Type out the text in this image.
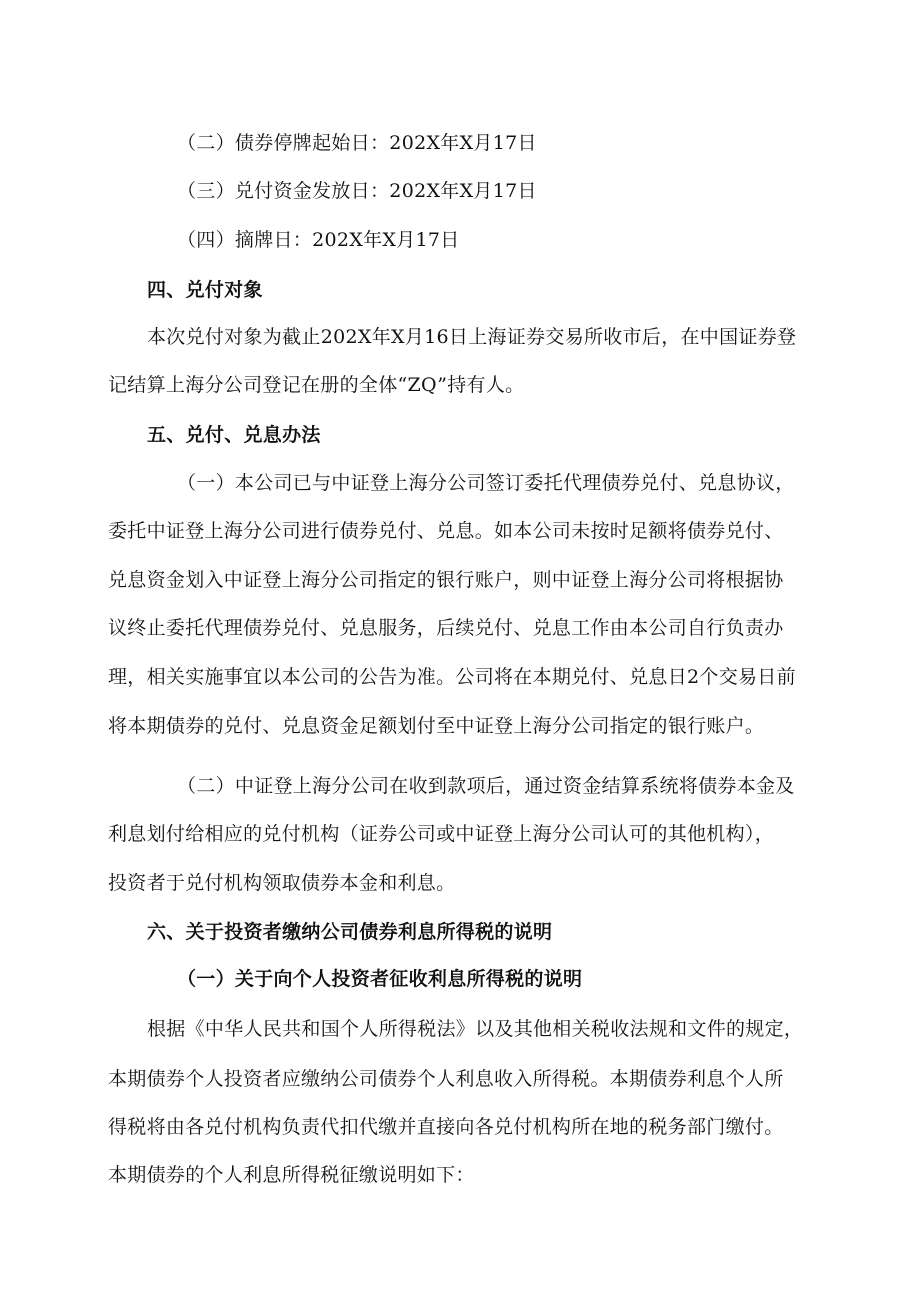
（二）债券停牌起始日：202X年X月17日
（三）兑付资金发放日：202X年X月17日
（四）摘牌日：202X年X月17日
四、兑付对象
本次兑付对象为截止202X年X月16日上海证券交易所收市后，在中国证券登
记结算上海分公司登记在册的全体“ZQ”持有人。
五、兑付、兑息办法
（一）本公司已与中证登上海分公司签订委托代理债券兑付、兑息协议，
委托中证登上海分公司进行债券兑付、兑息。如本公司未按时足额将债券兑付、
兑息资金划入中证登上海分公司指定的银行账户，则中证登上海分公司将根据协
议终止委托代理债券兑付、兑息服务，后续兑付、兑息工作由本公司自行负责办
理，相关实施事宜以本公司的公告为准。公司将在本期兑付、兑息日2个交易日前
将本期债券的兑付、兑息资金足额划付至中证登上海分公司指定的银行账户。
（二）中证登上海分公司在收到款项后，通过资金结算系统将债券本金及
利息划付给相应的兑付机构（证券公司或中证登上海分公司认可的其他机构），
投资者于兑付机构领取债券本金和利息。
六、关于投资者缴纳公司债券利息所得税的说明
（一）关于向个人投资者征收利息所得税的说明
根据《中华人民共和国个人所得税法》以及其他相关税收法规和文件的规定，
本期债券个人投资者应缴纳公司债券个人利息收入所得税。本期债券利息个人所
得税将由各兑付机构负责代扣代缴并直接向各兑付机构所在地的税务部门缴付。
本期债券的个人利息所得税征缴说明如下：
